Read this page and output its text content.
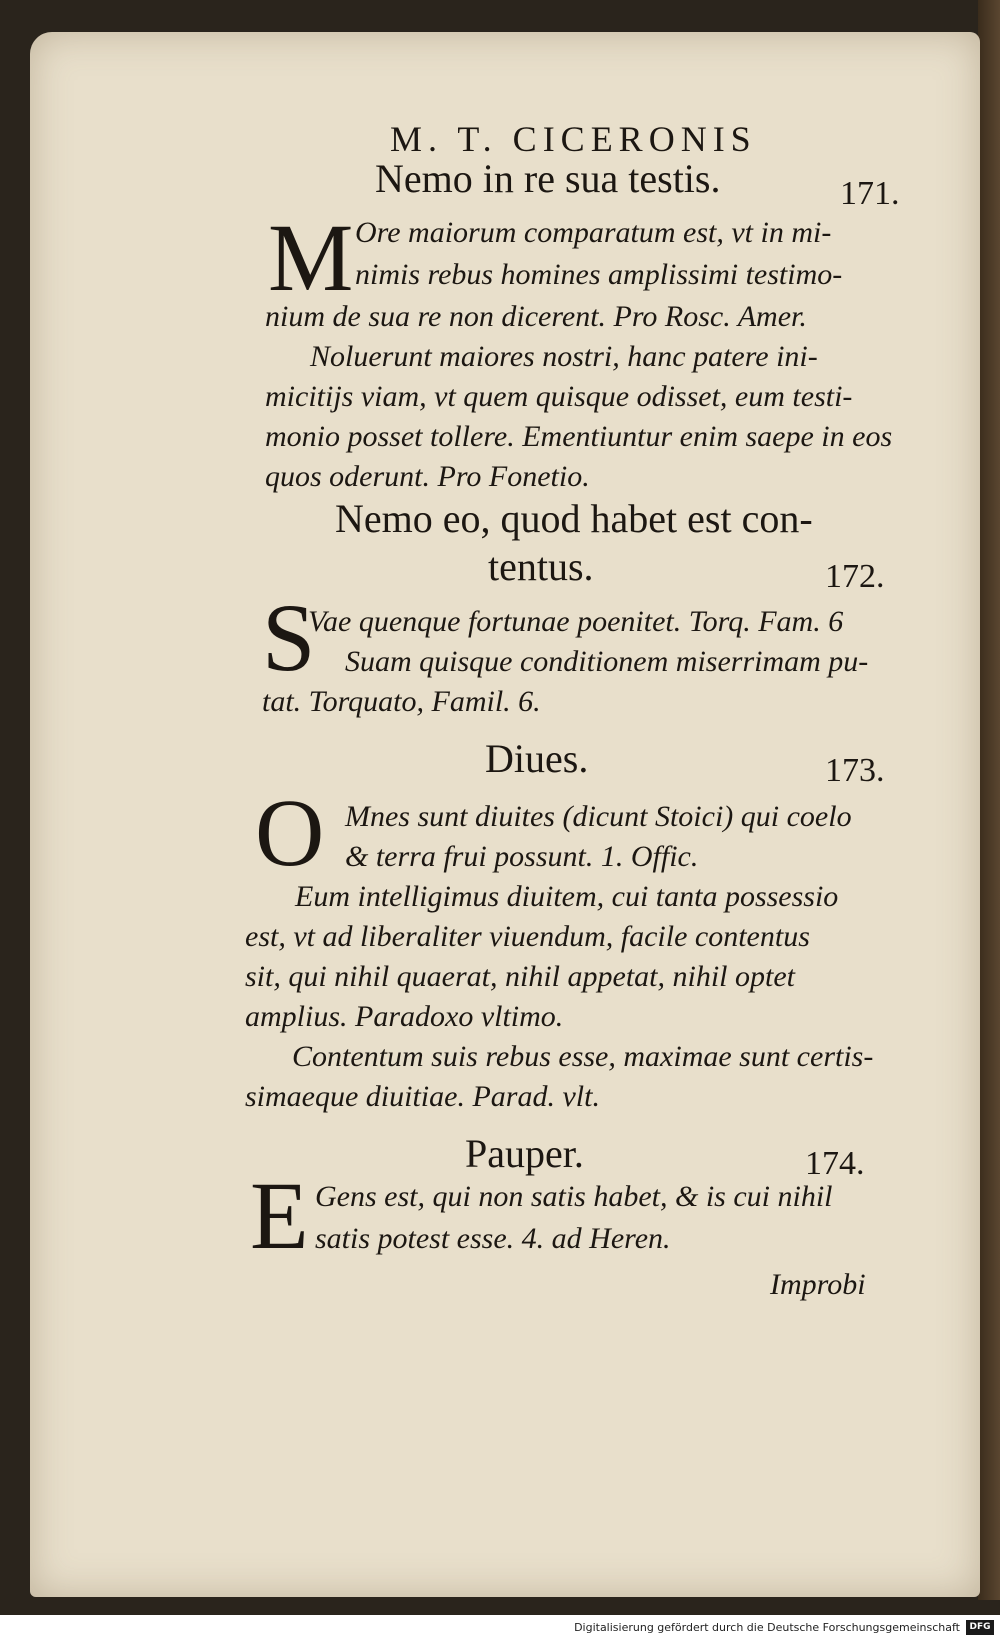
M. T. CICERONIS
Nemo in re sua testis.	171.
M Ore maiorum comparatum est, vt in mi-
nimis rebus homines amplissimi testimo-
nium de sua re non dicerent. Pro Rosc. Amer.
Noluerunt maiores nostri, hanc patere ini-
micitijs viam, vt quem quisque odisset, eum testi-
monio posset tollere. Ementiuntur enim saepe in eos
quos oderunt. Pro Fonetio.
Nemo eo, quod habet est con-
tentus.	172.
S
Vae quenque fortunae poenitet. Torq. Fam. 6
Suam quisque conditionem miserrimam pu-
tat. Torquato, Famil. 6.
Diues.	173.
O Mnes sunt diuites (dicunt Stoici) qui coelo
& terra frui possunt. 1. Offic.
Eum intelligimus diuitem, cui tanta possessio
est, vt ad liberaliter viuendum, facile contentus
sit, qui nihil quaerat, nihil appetat, nihil optet
amplius. Paradoxo vltimo.
Contentum suis rebus esse, maximae sunt certis-
simaeque diuitiae. Parad. vlt.
Pauper.	174.
E Gens est, qui non satis habet, & is cui nihil
satis potest esse. 4. ad Heren.
Improbi
Digitalisierung gefördert durch die Deutsche Forschungsgemeinschaft	DFG
